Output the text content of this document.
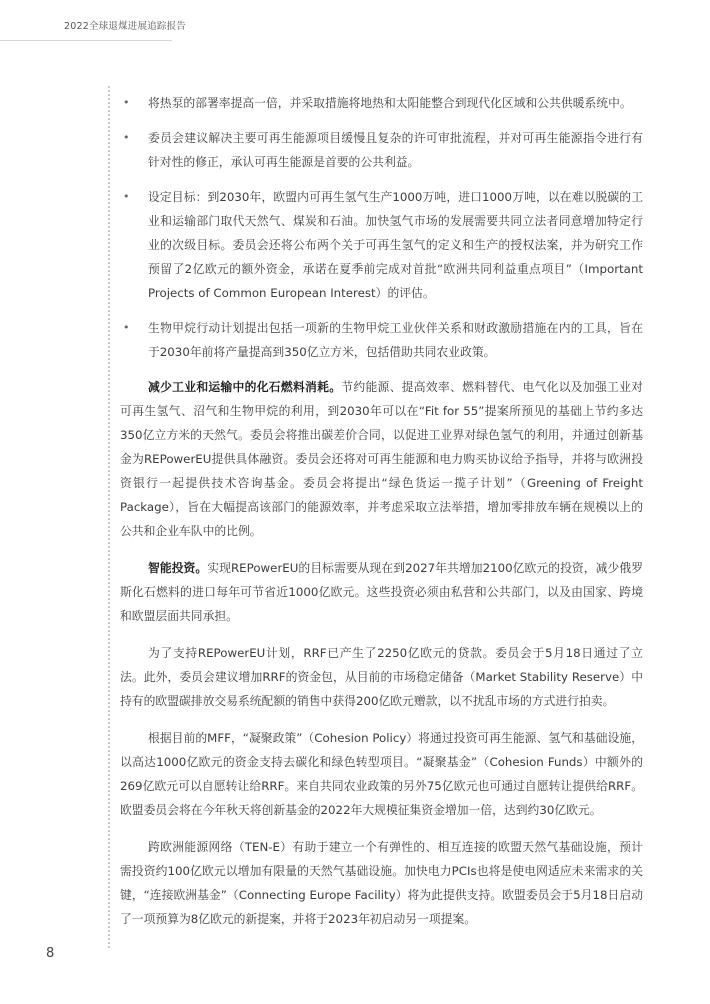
2022全球退煤进展追踪报告
• 将热泵的部署率提高一倍，并采取措施将地热和太阳能整合到现代化区域和公共供暖系统中。
• 委员会建议解决主要可再生能源项目缓慢且复杂的许可审批流程，并对可再生能源指令进行有针对性的修正，承认可再生能源是首要的公共利益。
• 设定目标：到2030年，欧盟内可再生氢气生产1000万吨，进口1000万吨，以在难以脱碳的工业和运输部门取代天然气、煤炭和石油。加快氢气市场的发展需要共同立法者同意增加特定行业的次级目标。委员会还将公布两个关于可再生氢气的定义和生产的授权法案，并为研究工作预留了2亿欧元的额外资金，承诺在夏季前完成对首批“欧洲共同利益重点项目”（Important Projects of Common European Interest）的评估。
• 生物甲烷行动计划提出包括一项新的生物甲烷工业伙伴关系和财政激励措施在内的工具，旨在于2030年前将产量提高到350亿立方米，包括借助共同农业政策。

减少工业和运输中的化石燃料消耗。节约能源、提高效率、燃料替代、电气化以及加强工业对可再生氢气、沼气和生物甲烷的利用，到2030年可以在“Fit for 55”提案所预见的基础上节约多达350亿立方米的天然气。委员会将推出碳差价合同，以促进工业界对绿色氢气的利用，并通过创新基金为REPowerEU提供具体融资。委员会还将对可再生能源和电力购买协议给予指导，并将与欧洲投资银行一起提供技术咨询基金。委员会将提出“绿色货运一揽子计划”（Greening of Freight Package），旨在大幅提高该部门的能源效率，并考虑采取立法举措，增加零排放车辆在规模以上的公共和企业车队中的比例。

智能投资。实现REPowerEU的目标需要从现在到2027年共增加2100亿欧元的投资，减少俄罗斯化石燃料的进口每年可节省近1000亿欧元。这些投资必须由私营和公共部门，以及由国家、跨境和欧盟层面共同承担。

为了支持REPowerEU计划，RRF已产生了2250亿欧元的贷款。委员会于5月18日通过了立法。此外，委员会建议增加RRF的资金包，从目前的市场稳定储备（Market Stability Reserve）中持有的欧盟碳排放交易系统配额的销售中获得200亿欧元赠款，以不扰乱市场的方式进行拍卖。

根据目前的MFF，“凝聚政策”（Cohesion Policy）将通过投资可再生能源、氢气和基础设施，以高达1000亿欧元的资金支持去碳化和绿色转型项目。“凝聚基金”（Cohesion Funds）中额外的269亿欧元可以自愿转让给RRF。来自共同农业政策的另外75亿欧元也可通过自愿转让提供给RRF。欧盟委员会将在今年秋天将创新基金的2022年大规模征集资金增加一倍，达到约30亿欧元。

跨欧洲能源网络（TEN-E）有助于建立一个有弹性的、相互连接的欧盟天然气基础设施，预计需投资约100亿欧元以增加有限量的天然气基础设施。加快电力PCIs也将是使电网适应未来需求的关键，“连接欧洲基金”（Connecting Europe Facility）将为此提供支持。欧盟委员会于5月18日启动了一项预算为8亿欧元的新提案，并将于2023年初启动另一项提案。

8
